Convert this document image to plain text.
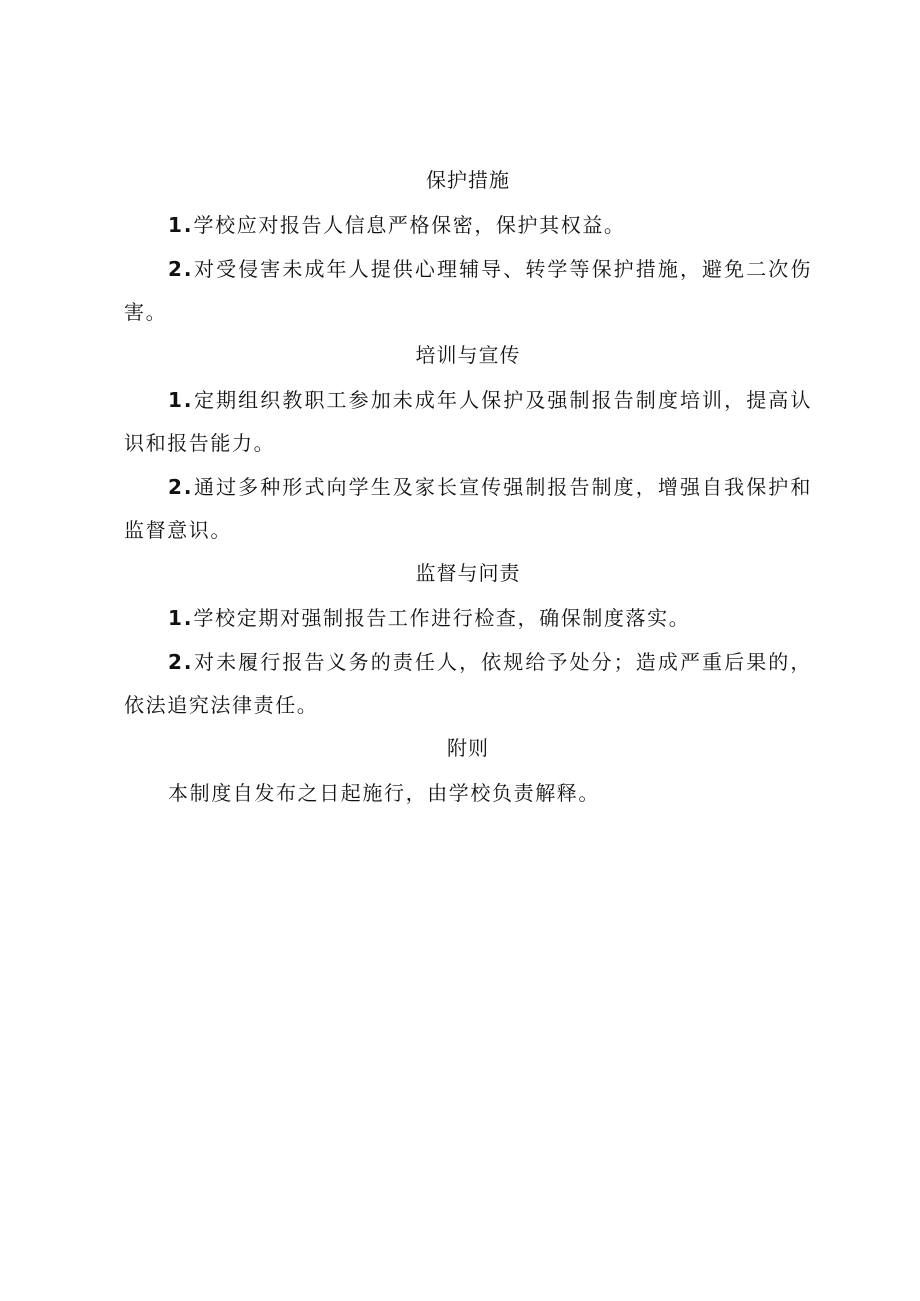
保护措施

1.学校应对报告人信息严格保密，保护其权益。

2.对受侵害未成年人提供心理辅导、转学等保护措施，避免二次伤害。

培训与宣传

1.定期组织教职工参加未成年人保护及强制报告制度培训，提高认识和报告能力。

2.通过多种形式向学生及家长宣传强制报告制度，增强自我保护和监督意识。

监督与问责

1.学校定期对强制报告工作进行检查，确保制度落实。

2.对未履行报告义务的责任人，依规给予处分；造成严重后果的，依法追究法律责任。

附则

本制度自发布之日起施行，由学校负责解释。
